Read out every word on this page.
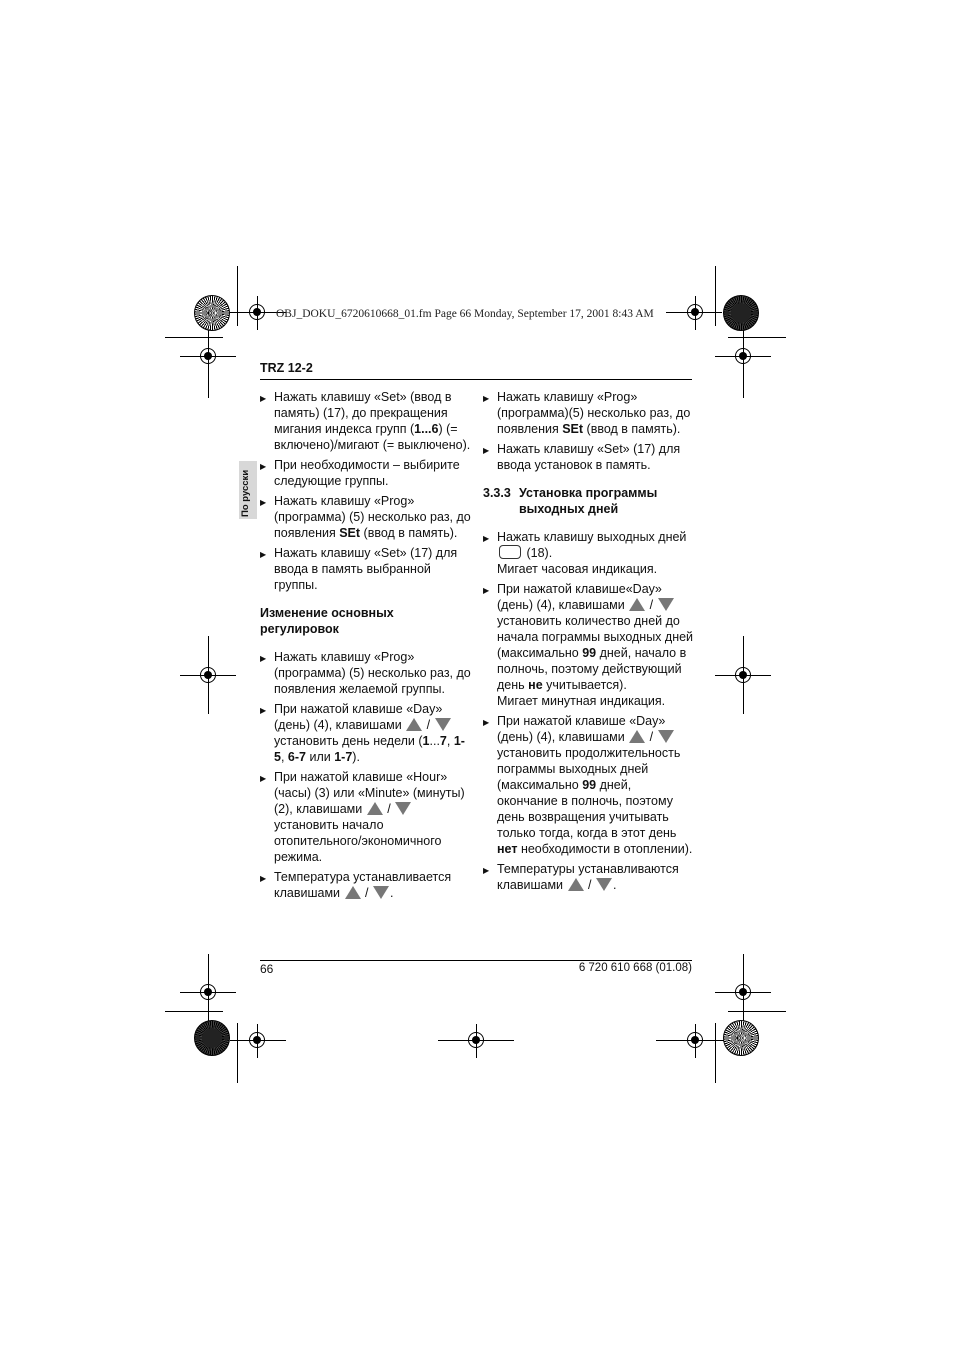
OBJ_DOKU_6720610668_01.fm Page 66 Monday, September 17, 2001 8:43 AM
TRZ 12-2
По русски
▶ Нажать клавишу «Set» (ввод в память) (17), до прекращения мигания индекса групп (1...6) (= включено)/мигают (= выключено).
▶ При необходимости – выбирите следующие группы.
▶ Нажать клавишу «Prog» (программа) (5) несколько раз, до появления SEt (ввод в память).
▶ Нажать клавишу «Set» (17) для ввода в память выбранной группы.
Изменение основных регулировок
▶ Нажать клавишу «Prog» (программа) (5) несколько раз, до появления желаемой группы.
▶ При нажатой клавише «Day» (день) (4), клавишами  /  установить день недели (1...7, 1-5, 6-7 или 1-7).
▶ При нажатой клавише «Hour» (часы) (3) или «Minute» (минуты) (2), клавишами  /  установить начало отопительного/экономичного режима.
▶ Температура устанавливается клавишами  / .
▶ Нажать клавишу «Prog» (программа)(5) несколько раз, до появления SEt (ввод в память).
▶ Нажать клавишу «Set» (17) для ввода установок в память.
3.3.3 Установка программы выходных дней
▶ Нажать клавишу выходных дней  (18).
Мигает часовая индикация.
▶ При нажатой клавише«Day» (день) (4), клавишами  /  установить количество дней до начала пограммы выходных дней (максимально 99 дней, начало в полночь, поэтому действующий день не учитывается).
Мигает минутная индикация.
▶ При нажатой клавише «Day» (день) (4), клавишами  /  установить продолжительность пограммы выходных дней (максимально 99 дней, окончание в полночь, поэтому день возвращения учитывать только тогда, когда в этот день нет необходимости в отоплении).
▶ Температуры устанавливаются клавишами  / .
66	6 720 610 668 (01.08)
